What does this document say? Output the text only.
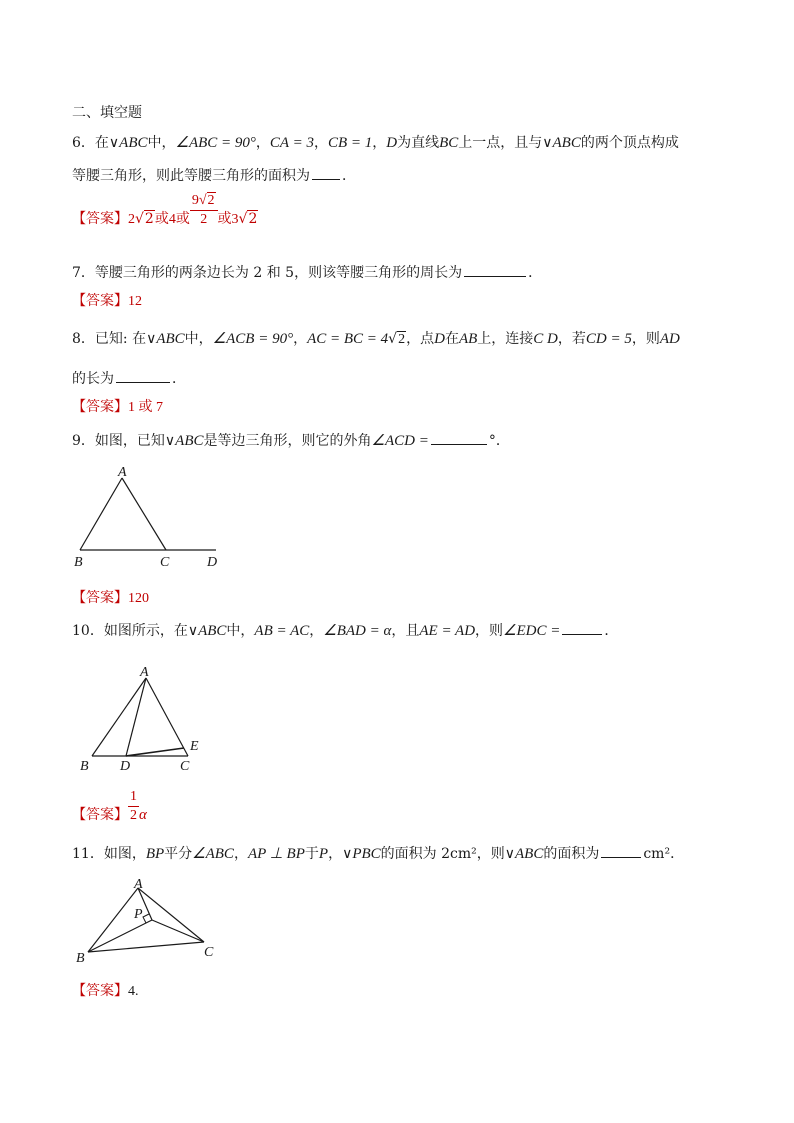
二、填空题
6．在∨ABC中，∠ABC = 90°，CA = 3，CB = 1，D为直线BC上一点，且与∨ABC的两个顶点构成
等腰三角形，则此等腰三角形的面积为 ．
【答案】2√2或4或 $\frac{9√2}{2}$ 或3√2
7．等腰三角形的两条边长为 2 和 5，则该等腰三角形的周长为	．
【答案】12
8．已知: 在∨ABC中，∠ACB = 90°，AC = BC = 4√2，点D在AB上，连接C D，若CD = 5，则AD
的长为	．
【答案】1 或 7
9．如图，已知∨ABC是等边三角形，则它的外角∠ACD =	°．
A
B	C	D
【答案】120
10．如图所示，在∨ABC中，AB = AC，∠BAD = α，且AE = AD，则∠EDC =	．
A
B D	C
E
【答案】 $\frac{1}{2}$ α
11．如图，BP平分∠ABC，AP ⊥ BP于P，∨PBC的面积为 2cm²，则∨ABC的面积为	cm²．
A
P
B	C
【答案】4.
